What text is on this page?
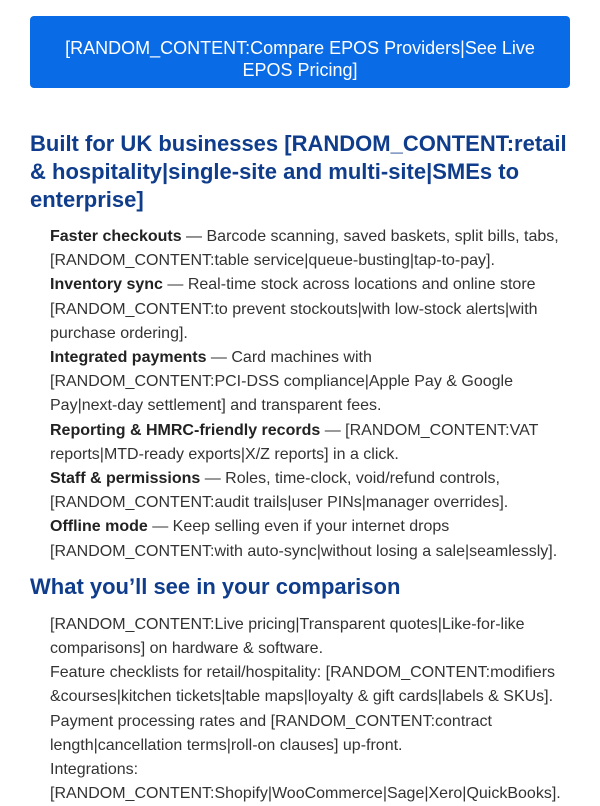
[RANDOM_CONTENT:Compare EPOS Providers|See Live EPOS Pricing]
Built for UK businesses [RANDOM_CONTENT:retail & hospitality|single-site and multi-site|SMEs to enterprise]
Faster checkouts — Barcode scanning, saved baskets, split bills, tabs, [RANDOM_CONTENT:table service|queue-busting|tap-to-pay].
Inventory sync — Real-time stock across locations and online store [RANDOM_CONTENT:to prevent stockouts|with low-stock alerts|with purchase ordering].
Integrated payments — Card machines with [RANDOM_CONTENT:PCI-DSS compliance|Apple Pay & Google Pay|next-day settlement] and transparent fees.
Reporting & HMRC-friendly records — [RANDOM_CONTENT:VAT reports|MTD-ready exports|X/Z reports] in a click.
Staff & permissions — Roles, time-clock, void/refund controls, [RANDOM_CONTENT:audit trails|user PINs|manager overrides].
Offline mode — Keep selling even if your internet drops [RANDOM_CONTENT:with auto-sync|without losing a sale|seamlessly].
What you’ll see in your comparison
[RANDOM_CONTENT:Live pricing|Transparent quotes|Like-for-like comparisons] on hardware & software.
Feature checklists for retail/hospitality: [RANDOM_CONTENT:modifiers &courses|kitchen tickets|table maps|loyalty & gift cards|labels & SKUs].
Payment processing rates and [RANDOM_CONTENT:contract length|cancellation terms|roll-on clauses] up-front.
Integrations: [RANDOM_CONTENT:Shopify|WooCommerce|Sage|Xero|QuickBooks].
